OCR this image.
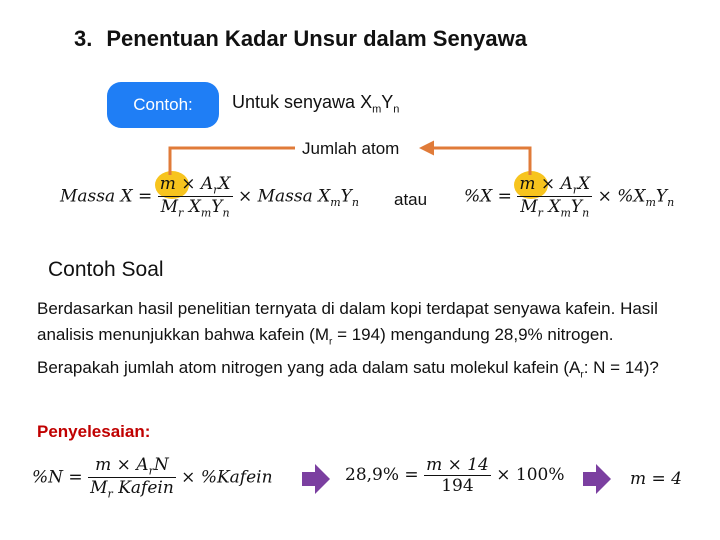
3. Penentuan Kadar Unsur dalam Senyawa
Contoh: Untuk senyawa $X_mY_n$
Jumlah atom
Massa $X = \frac{m \times A_rX}{M_r X_mY_n}$ × Massa $X_mY_n$ atau $\%X = \frac{m \times A_rX}{M_r X_mY_n} \times \%X_mY_n$
Contoh Soal
Berdasarkan hasil penelitian ternyata di dalam kopi terdapat senyawa kafein. Hasil analisis menunjukkan bahwa kafein $(M_r = 194)$ mengandung 28,9% nitrogen. Berapakah jumlah atom nitrogen yang ada dalam satu molekul kafein ($A_r$: N = 14)?
Penyelesaian:
$\%N = \frac{m \times A_rN}{M_r Kafein}$ × %Kafein	$28,9\% = \frac{m \times 14}{194} \times 100\%$	m = 4
